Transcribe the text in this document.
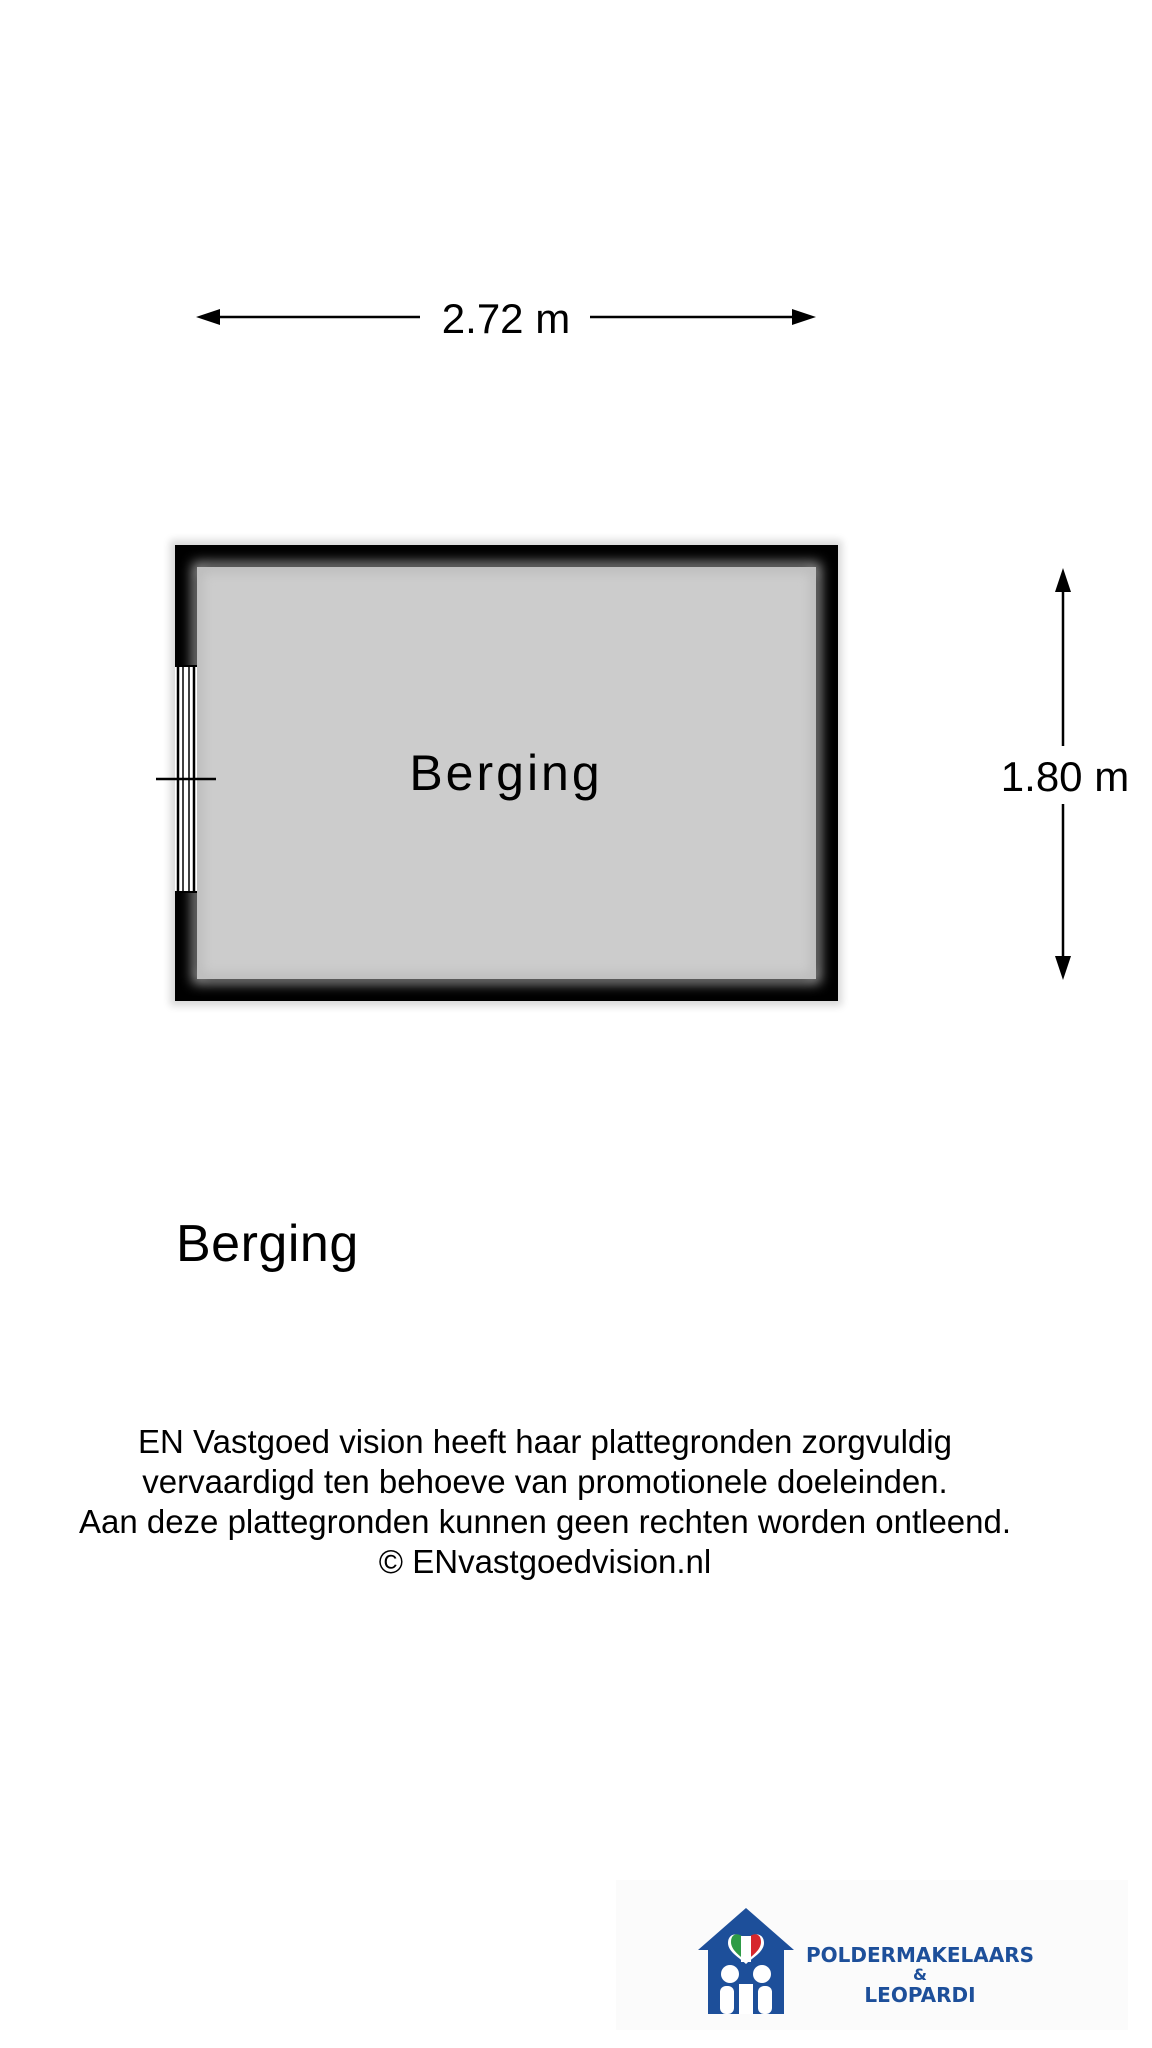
2.72 m
Berging	1.80 m
Berging
EN Vastgoed vision heeft haar plattegronden zorgvuldig
vervaardigd ten behoeve van promotionele doeleinden.
Aan deze plattegronden kunnen geen rechten worden ontleend.
© ENvastgoedvision.nl
POLDERMAKELAARS
&
LEOPARDI
